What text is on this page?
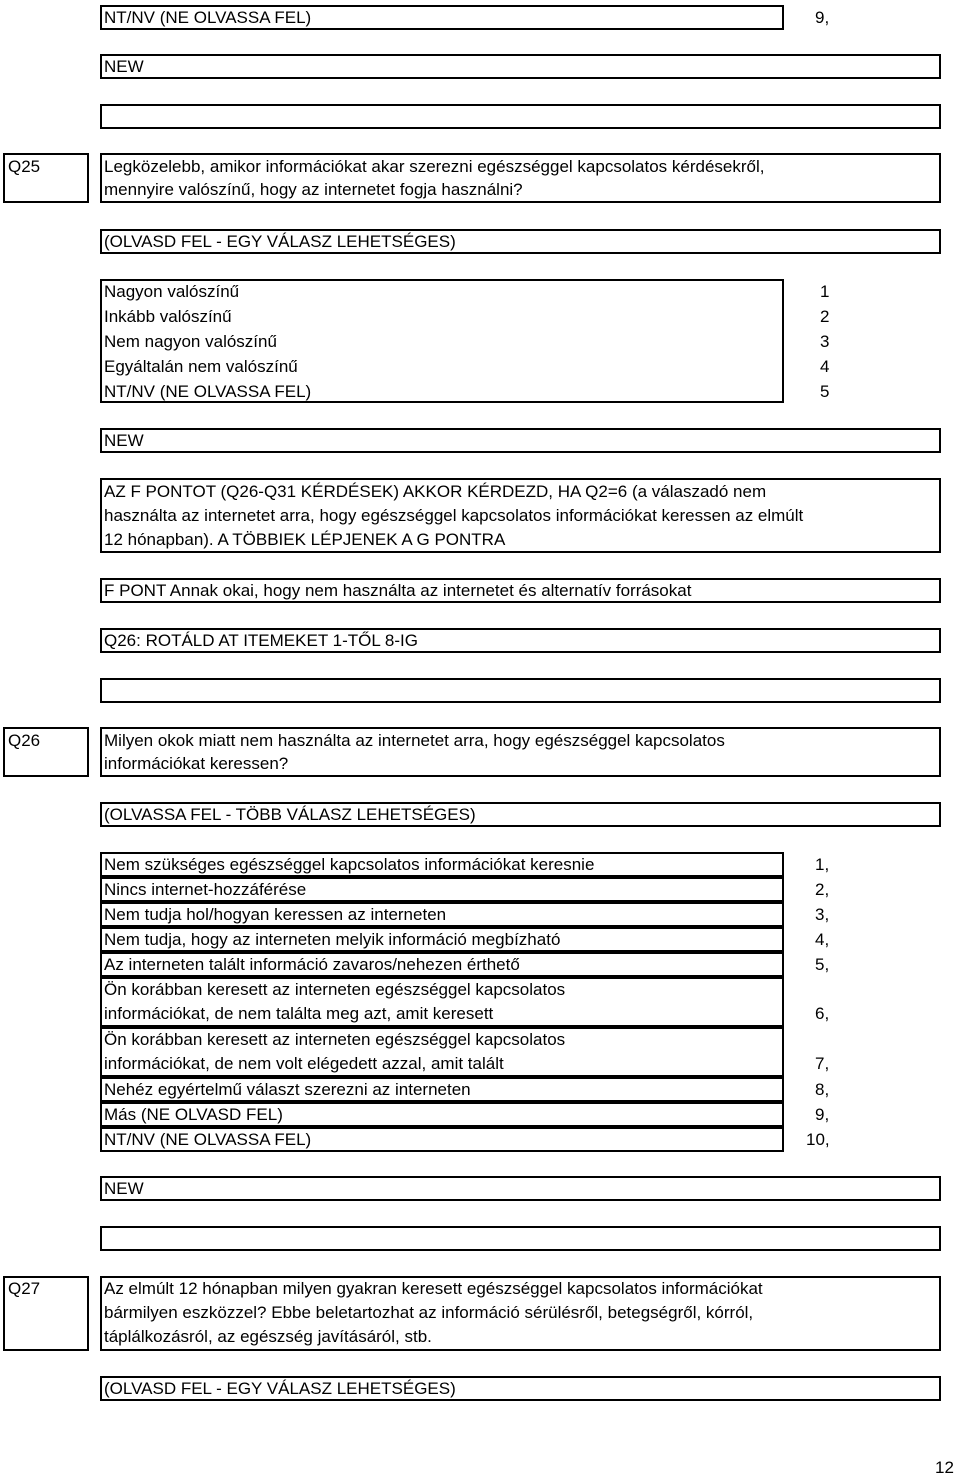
NT/NV (NE OLVASSA FEL)	9,
NEW
Q25	Legközelebb, amikor információkat akar szerezni egészséggel kapcsolatos kérdésekről,
mennyire valószínű, hogy az internetet fogja használni?
(OLVASD FEL - EGY VÁLASZ LEHETSÉGES)
Nagyon valószínű	1
Inkább valószínű	2
Nem nagyon valószínű	3
Egyáltalán nem valószínű	4
NT/NV (NE OLVASSA FEL)	5
NEW
AZ F PONTOT (Q26-Q31 KÉRDÉSEK) AKKOR KÉRDEZD, HA Q2=6 (a válaszadó nem
használta az internetet arra, hogy egészséggel kapcsolatos információkat keressen az elmúlt
12 hónapban). A TÖBBIEK LÉPJENEK A G PONTRA
F PONT Annak okai, hogy nem használta az internetet és alternatív forrásokat
Q26: ROTÁLD AT ITEMEKET 1-TŐL 8-IG
Q26	Milyen okok miatt nem használta az internetet arra, hogy egészséggel kapcsolatos
információkat keressen?
(OLVASSA FEL - TÖBB VÁLASZ LEHETSÉGES)
Nem szükséges egészséggel kapcsolatos információkat keresnie	1,
Nincs internet-hozzáférése	2,
Nem tudja hol/hogyan keressen az interneten	3,
Nem tudja, hogy az interneten melyik információ megbízható	4,
Az interneten talált információ zavaros/nehezen érthető	5,
Ön korábban keresett az interneten egészséggel kapcsolatos
információkat, de nem találta meg azt, amit keresett	6,
Ön korábban keresett az interneten egészséggel kapcsolatos
információkat, de nem volt elégedett azzal, amit talált	7,
Nehéz egyértelmű választ szerezni az interneten	8,
Más (NE OLVASD FEL)	9,
NT/NV (NE OLVASSA FEL)	10,
NEW
Q27	Az elmúlt 12 hónapban milyen gyakran keresett egészséggel kapcsolatos információkat
bármilyen eszközzel? Ebbe beletartozhat az információ sérülésről, betegségről, kórról,
táplálkozásról, az egészség javításáról, stb.
(OLVASD FEL - EGY VÁLASZ LEHETSÉGES)
12
